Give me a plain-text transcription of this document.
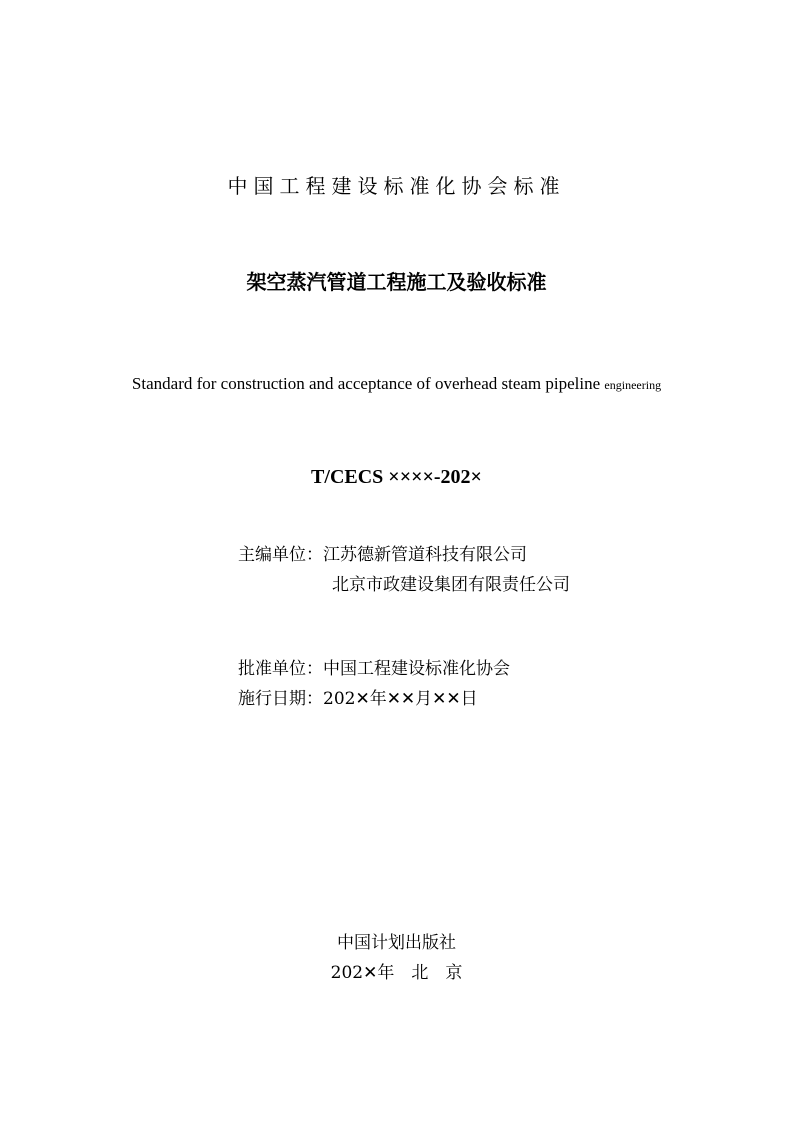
中国工程建设标准化协会标准
架空蒸汽管道工程施工及验收标准
Standard for construction and acceptance of overhead steam pipeline engineering
T/CECS ××××-202×
主编单位：江苏德新管道科技有限公司
北京市政建设集团有限责任公司
批准单位：中国工程建设标准化协会
施行日期：202✕年✕✕月✕✕日
中国计划出版社
202✕年　北　京
